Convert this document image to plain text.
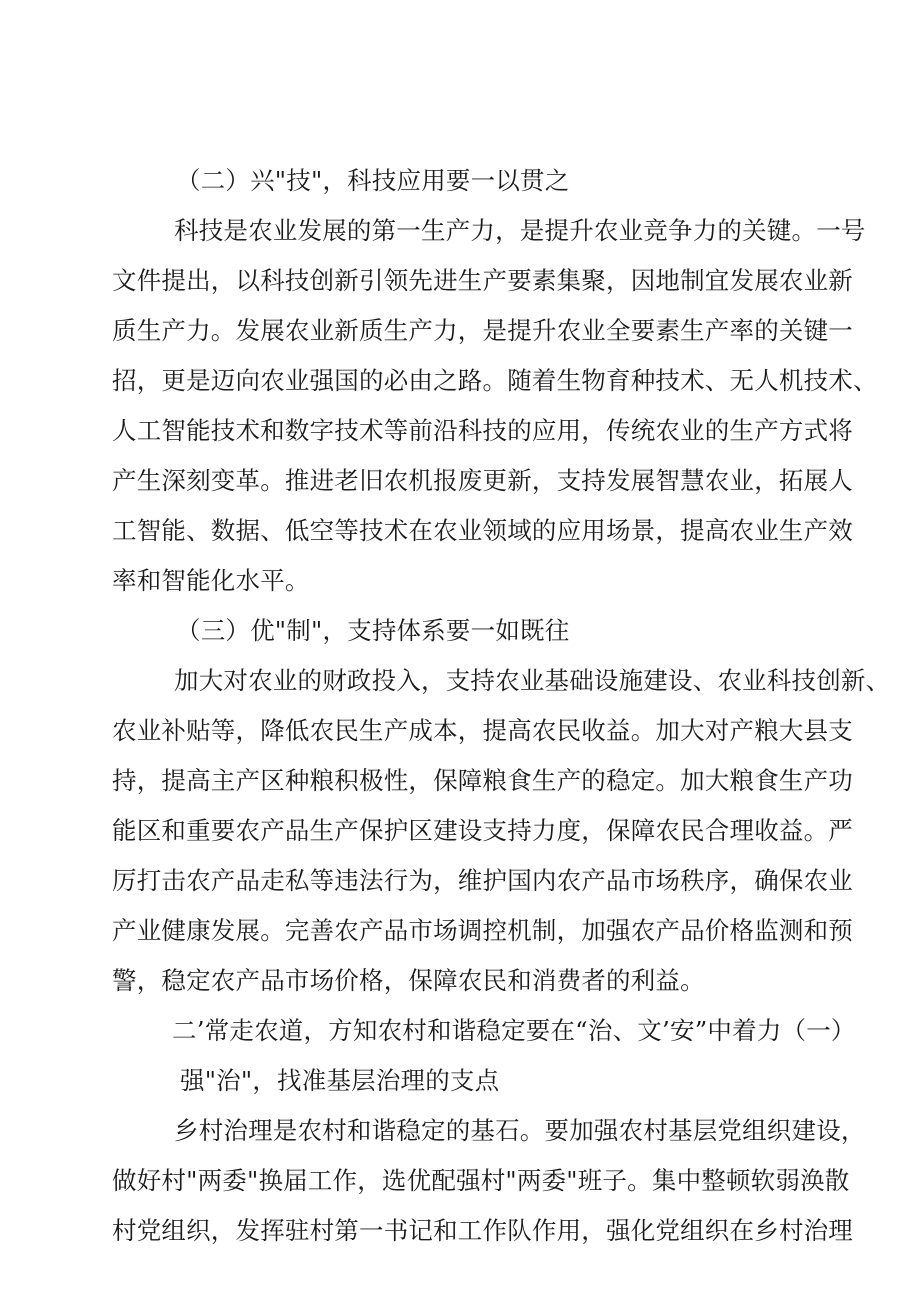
（二）兴"技"，科技应用要一以贯之
科技是农业发展的第一生产力，是提升农业竞争力的关键。一号
文件提出，以科技创新引领先进生产要素集聚，因地制宜发展农业新
质生产力。发展农业新质生产力，是提升农业全要素生产率的关键一
招，更是迈向农业强国的必由之路。随着生物育种技术、无人机技术、
人工智能技术和数字技术等前沿科技的应用，传统农业的生产方式将
产生深刻变革。推进老旧农机报废更新，支持发展智慧农业，拓展人
工智能、数据、低空等技术在农业领域的应用场景，提高农业生产效
率和智能化水平。
（三）优"制"，支持体系要一如既往
加大对农业的财政投入，支持农业基础设施建设、农业科技创新、
农业补贴等，降低农民生产成本，提高农民收益。加大对产粮大县支
持，提高主产区种粮积极性，保障粮食生产的稳定。加大粮食生产功
能区和重要农产品生产保护区建设支持力度，保障农民合理收益。严
厉打击农产品走私等违法行为，维护国内农产品市场秩序，确保农业
产业健康发展。完善农产品市场调控机制，加强农产品价格监测和预
警，稳定农产品市场价格，保障农民和消费者的利益。
二’常走农道，方知农村和谐稳定要在“治、文’安”中着力（一）
强"治"，找准基层治理的支点
乡村治理是农村和谐稳定的基石。要加强农村基层党组织建设，
做好村"两委"换届工作，选优配强村"两委"班子。集中整顿软弱涣散
村党组织，发挥驻村第一书记和工作队作用，强化党组织在乡村治理
